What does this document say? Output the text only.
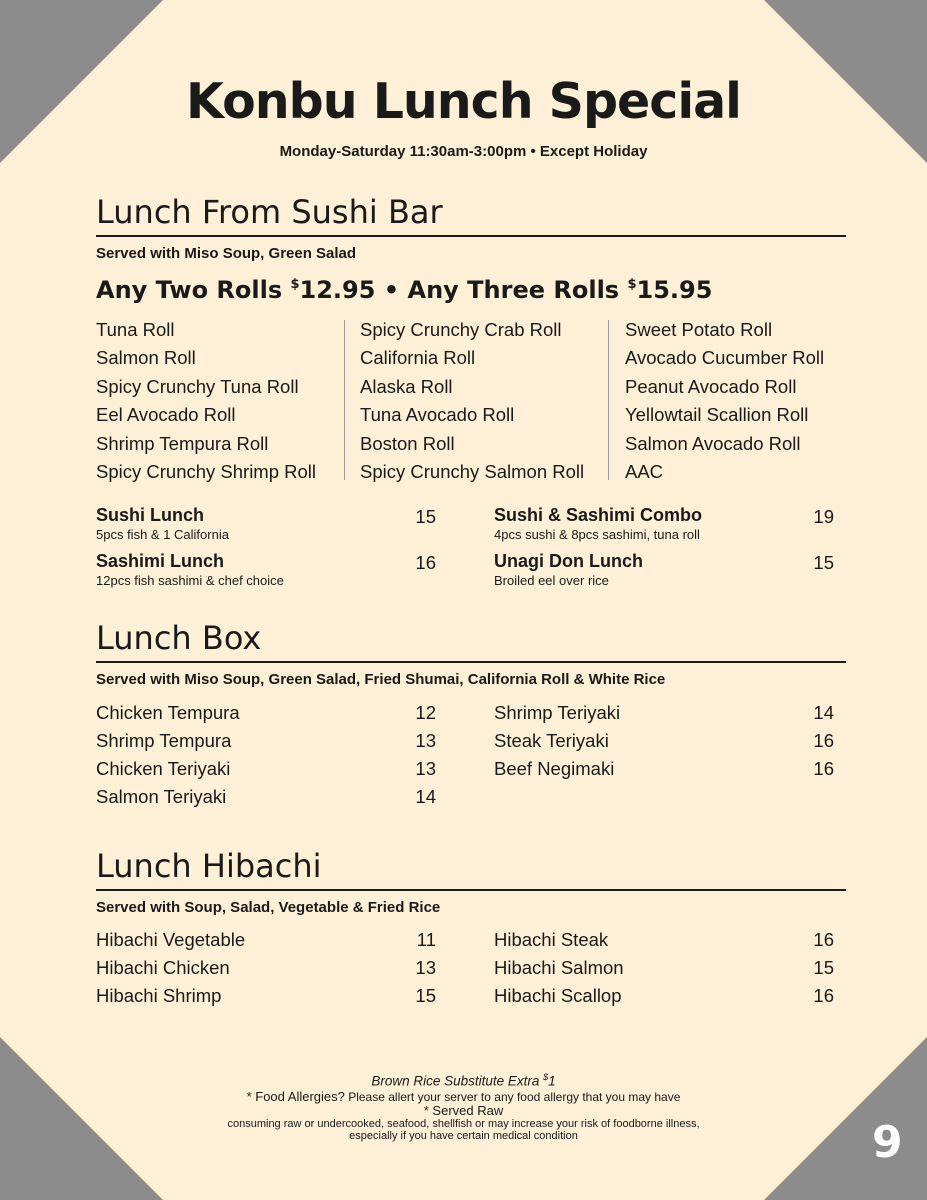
Konbu Lunch Special
Monday-Saturday 11:30am-3:00pm • Except Holiday
Lunch From Sushi Bar
Served with Miso Soup, Green Salad
Any Two Rolls $12.95 • Any Three Rolls $15.95
Tuna Roll
Salmon Roll
Spicy Crunchy Tuna Roll
Eel Avocado Roll
Shrimp Tempura Roll
Spicy Crunchy Shrimp Roll
Spicy Crunchy Crab Roll
California Roll
Alaska Roll
Tuna Avocado Roll
Boston Roll
Spicy Crunchy Salmon Roll
Sweet Potato Roll
Avocado Cucumber Roll
Peanut Avocado Roll
Yellowtail Scallion Roll
Salmon Avocado Roll
AAC
Sushi Lunch
5pcs fish & 1 California
15
Sashimi Lunch
12pcs fish sashimi & chef choice
16
Sushi & Sashimi Combo
4pcs sushi & 8pcs sashimi, tuna roll
19
Unagi Don Lunch
Broiled eel over rice
15
Lunch Box
Served with Miso Soup, Green Salad, Fried Shumai, California Roll & White Rice
Chicken Tempura	12
Shrimp Tempura	13
Chicken Teriyaki	13
Salmon Teriyaki	14
Shrimp Teriyaki	14
Steak Teriyaki	16
Beef Negimaki	16
Lunch Hibachi
Served with Soup, Salad, Vegetable & Fried Rice
Hibachi Vegetable	11
Hibachi Chicken	13
Hibachi Shrimp	15
Hibachi Steak	16
Hibachi Salmon	15
Hibachi Scallop	16
Brown Rice Substitute Extra $1
* Food Allergies? Please allert your server to any food allergy that you may have
* Served Raw
consuming raw or undercooked, seafood, shellfish or may increase your risk of foodborne illness,
especially if you have certain medical condition	9
